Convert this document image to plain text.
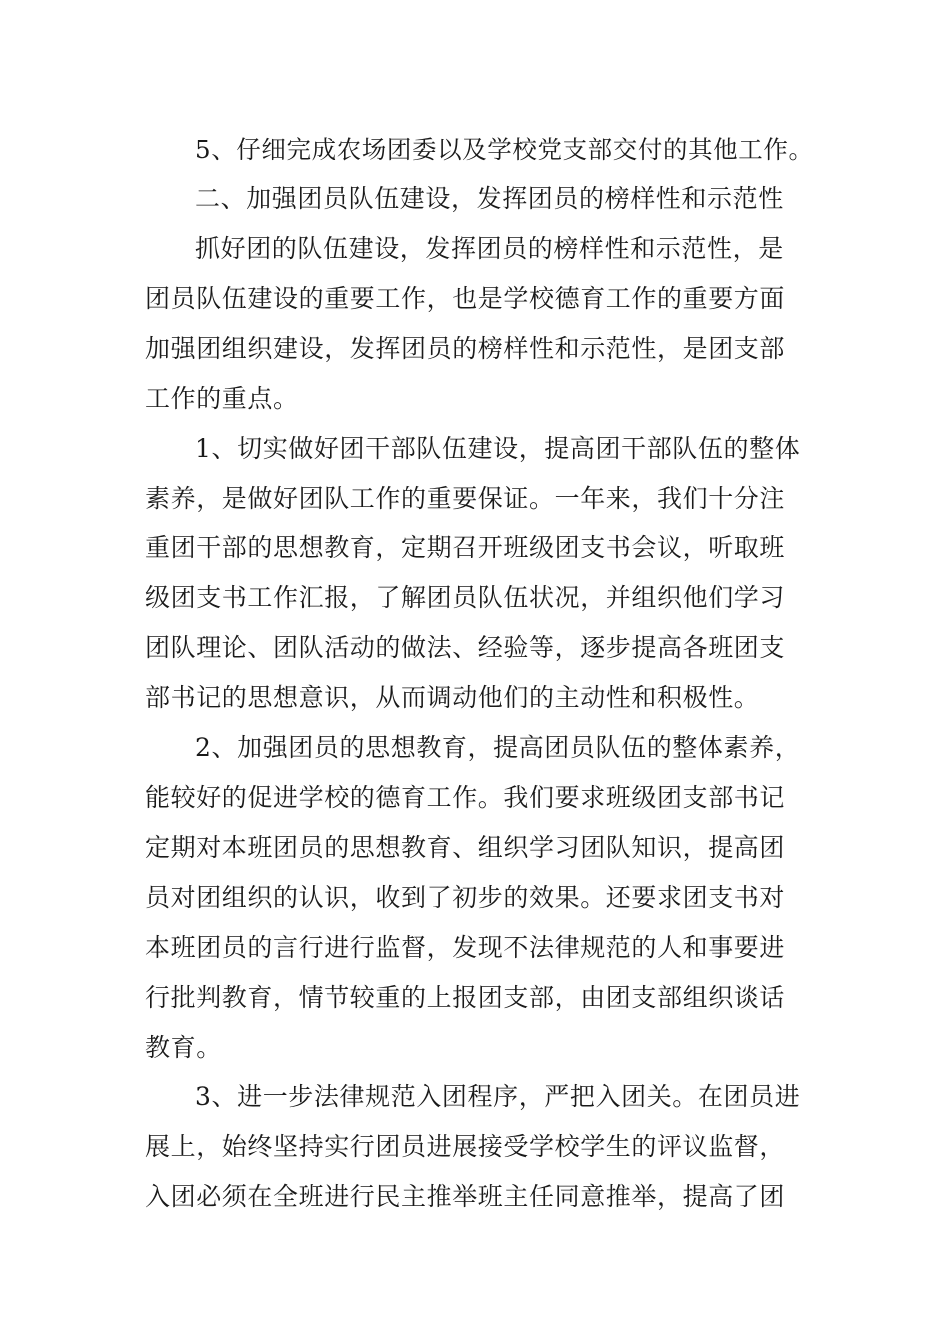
5、仔细完成农场团委以及学校党支部交付的其他工作。
二、加强团员队伍建设，发挥团员的榜样性和示范性
抓好团的队伍建设，发挥团员的榜样性和示范性，是
团员队伍建设的重要工作，也是学校德育工作的重要方面
加强团组织建设，发挥团员的榜样性和示范性，是团支部
工作的重点。
1、切实做好团干部队伍建设，提高团干部队伍的整体
素养，是做好团队工作的重要保证。一年来，我们十分注
重团干部的思想教育，定期召开班级团支书会议，听取班
级团支书工作汇报，了解团员队伍状况，并组织他们学习
团队理论、团队活动的做法、经验等，逐步提高各班团支
部书记的思想意识，从而调动他们的主动性和积极性。
2、加强团员的思想教育，提高团员队伍的整体素养，
能较好的促进学校的德育工作。我们要求班级团支部书记
定期对本班团员的思想教育、组织学习团队知识，提高团
员对团组织的认识，收到了初步的效果。还要求团支书对
本班团员的言行进行监督，发现不法律规范的人和事要进
行批判教育，情节较重的上报团支部，由团支部组织谈话
教育。
3、进一步法律规范入团程序，严把入团关。在团员进
展上，始终坚持实行团员进展接受学校学生的评议监督，
入团必须在全班进行民主推举班主任同意推举，提高了团
